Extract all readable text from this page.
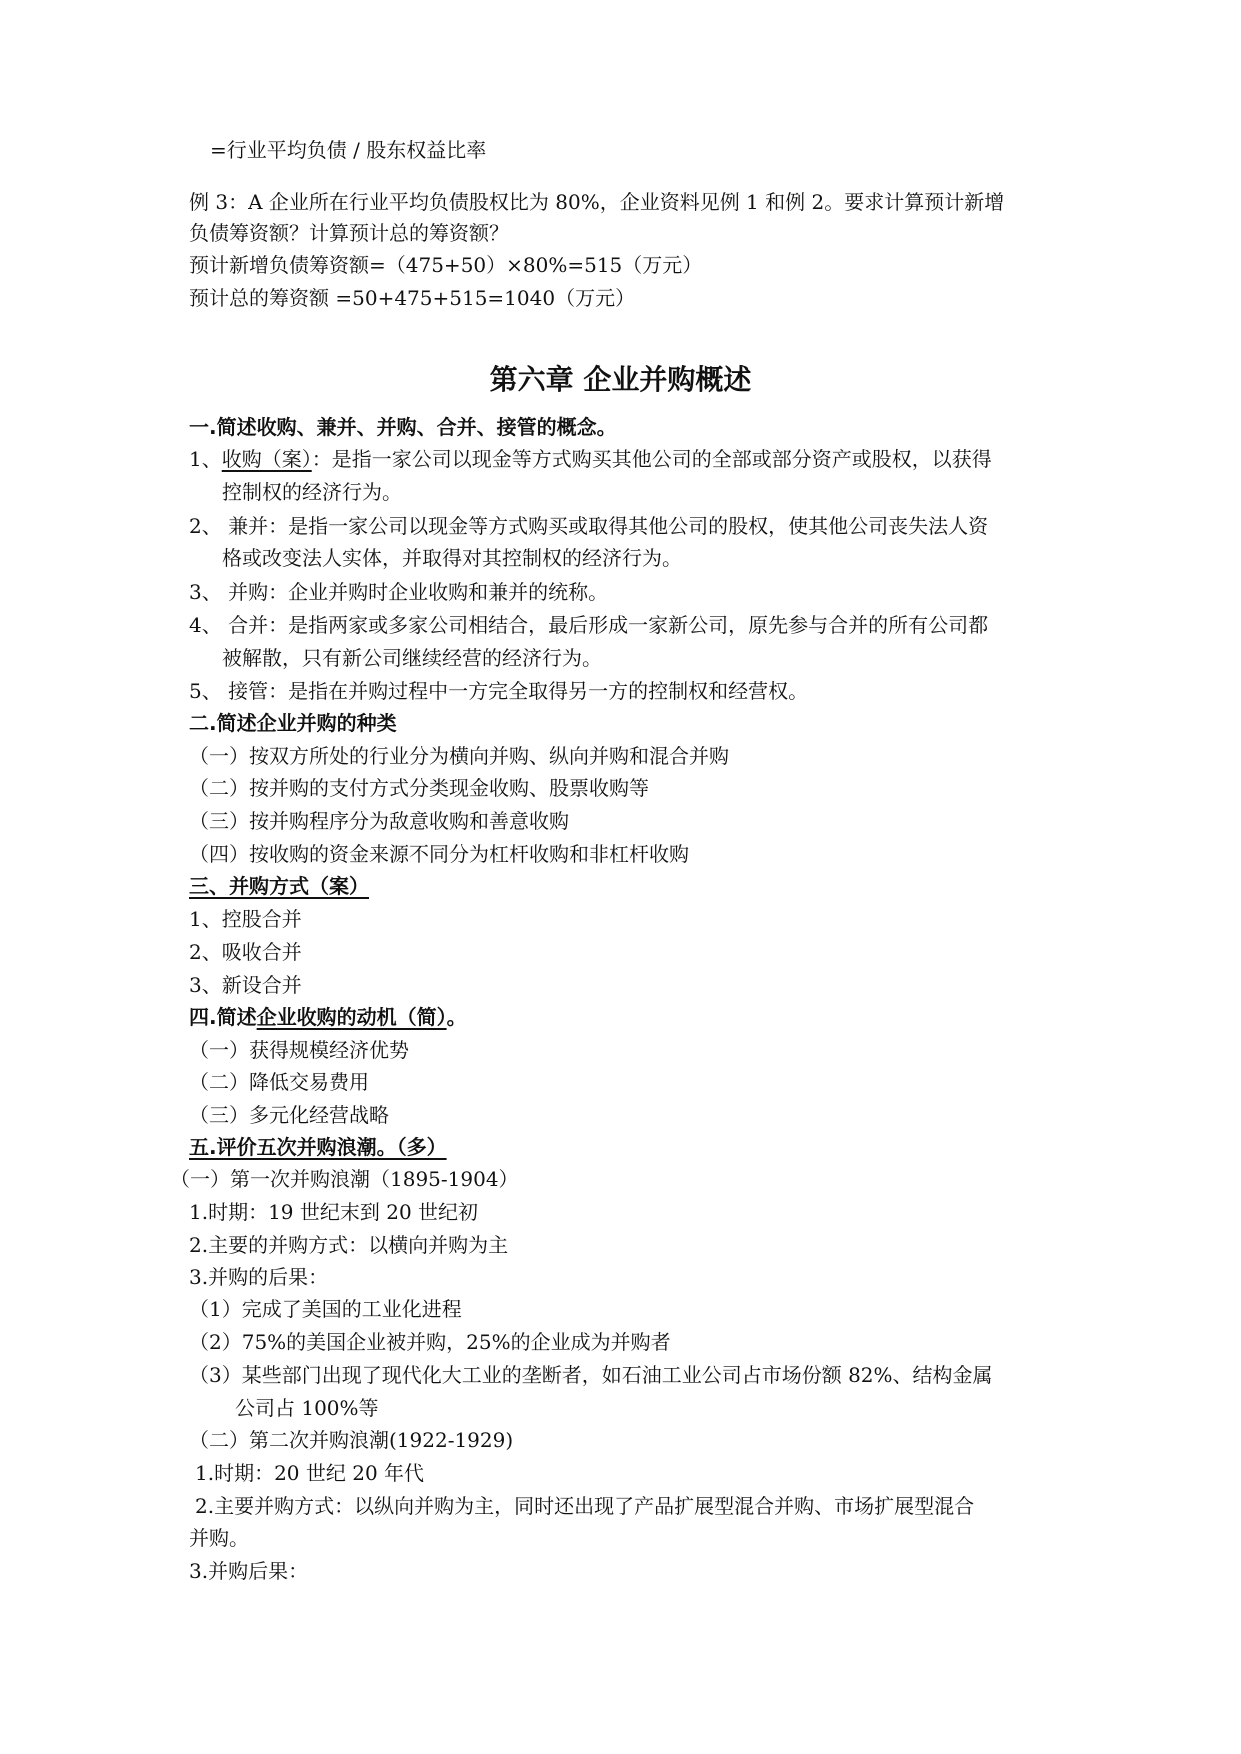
=行业平均负债 / 股东权益比率
例 3：A 企业所在行业平均负债股权比为 80%，企业资料见例 1 和例 2。要求计算预计新增
负债筹资额？计算预计总的筹资额？
预计新增负债筹资额=（475+50）×80%=515（万元）
预计总的筹资额 =50+475+515=1040（万元）
第六章 企业并购概述
一.简述收购、兼并、并购、合并、接管的概念。
1、收购（案）：是指一家公司以现金等方式购买其他公司的全部或部分资产或股权，以获得
控制权的经济行为。
2、 兼并：是指一家公司以现金等方式购买或取得其他公司的股权，使其他公司丧失法人资
格或改变法人实体，并取得对其控制权的经济行为。
3、 并购：企业并购时企业收购和兼并的统称。
4、 合并：是指两家或多家公司相结合，最后形成一家新公司，原先参与合并的所有公司都
被解散，只有新公司继续经营的经济行为。
5、 接管：是指在并购过程中一方完全取得另一方的控制权和经营权。
二.简述企业并购的种类
（一）按双方所处的行业分为横向并购、纵向并购和混合并购
（二）按并购的支付方式分类现金收购、股票收购等
（三）按并购程序分为敌意收购和善意收购
（四）按收购的资金来源不同分为杠杆收购和非杠杆收购
三、并购方式（案）
1、控股合并
2、吸收合并
3、新设合并
四.简述企业收购的动机（简）。
（一）获得规模经济优势
（二）降低交易费用
（三）多元化经营战略
五.评价五次并购浪潮。（多）
（一）第一次并购浪潮（1895-1904）
1.时期：19 世纪末到 20 世纪初
2.主要的并购方式：以横向并购为主
3.并购的后果：
（1）完成了美国的工业化进程
（2）75%的美国企业被并购，25%的企业成为并购者
（3）某些部门出现了现代化大工业的垄断者，如石油工业公司占市场份额 82%、结构金属
公司占 100%等
（二）第二次并购浪潮(1922-1929)
1.时期：20 世纪 20 年代
2.主要并购方式：以纵向并购为主，同时还出现了产品扩展型混合并购、市场扩展型混合
并购。
3.并购后果：
